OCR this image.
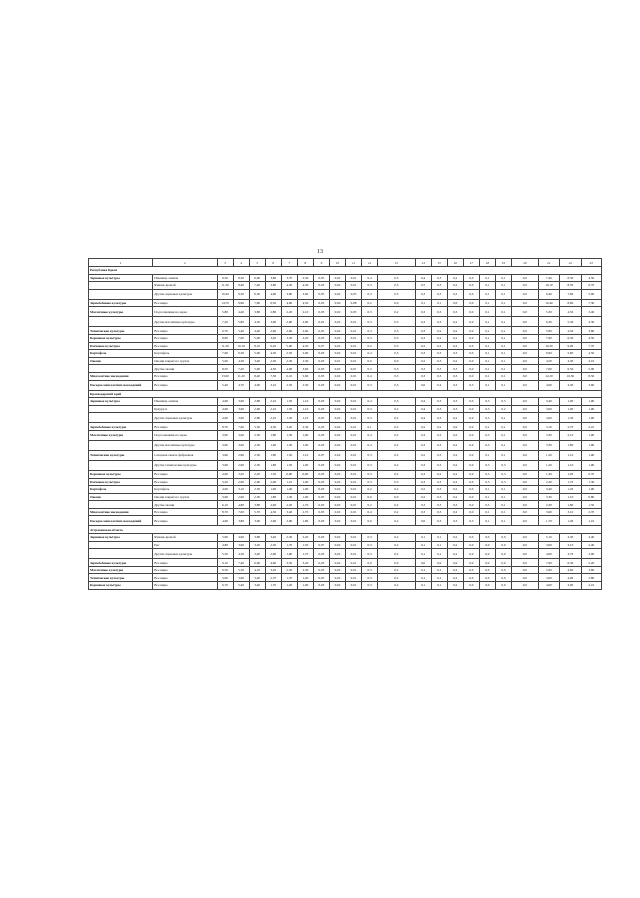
13
1	2	3	4	5	6	7	8	9	10	11	12	13	14	15	16	17	18	19	20	21	22	23
Республика Крым																						
Зерновые культуры	Пшеница озимая	9,30	8,30	6,00	3,80	3,70	2,30	0,05	0,02	0,01	0,4	0,3	0,4	0,3	0,2	0,0	0,1	0,1	0,0	7,40	8,30	4,50
	Ячмень яровой	11,30	8,40	7,40	3,80	4,30	4,30	0,03	0,02	0,01	0,3	0,3	0,5	0,3	0,2	0,0	0,1	0,1	0,0	10,10	8,50	6,70
	Другие зерновые культуры	10,40	9,30	6,30	4,90	3,80	3,60	0,05	0,02	0,03	0,3	0,3	0,3	0,3	0,2	0,0	0,1	0,1	0,0	9,40	7,80	5,90
Зернобобовые культуры	Все виды	14,70	9,90	7,90	6,50	4,90	4,50	0,03	0,00	0,08	0,2	0,0	0,1	0,1	0,0	0,0	0,1	0,1	0,0	10,40	8,90	7,30
Масличные культуры	Подсолнечник на зерно	5,80	4,40	3,80	2,80	2,20	2,10	0,03	0,02	0,03	0,3	0,2	0,3	0,3	0,3	0,0	0,1	0,1	0,0	5,30	4,50	3,40
	Другие масличные культуры	7,20	5,80	4,50	3,60	2,60	2,80	0,02	0,02	0,01	0,3	0,3	0,3	0,3	0,2	0,0	0,1	0,1	0,0	6,30	5,30	4,30
Технические культуры	Все виды	6,70	5,40	4,40	2,90	2,60	2,60	0,05	0,02	0,01	0,3	0,3	0,3	0,2	0,2	0,0	0,1	0,1	0,0	5,90	4,50	3,60
Кормовые культуры	Все виды	8,80	7,00	5,00	3,40	3,50	2,20	0,03	0,02	0,01	0,3	0,3	0,3	0,2	0,2	0,0	0,1	0,1	0,0	7,90	6,30	4,50
Бахчевые культуры	Все виды	11,30	10,10	8,10	6,20	5,00	4,50	0,07	0,02	0,01	0,2	0,3	0,2	0,2	0,2	0,0	0,1	0,1	0,0	10,30	9,00	7,70
Картофель	Картофель	7,60	6,30	5,00	4,30	2,50	2,90	0,03	0,02	0,01	0,4	0,3	0,3	0,3	0,3	0,0	0,1	0,1	0,0	6,90	5,60	4,50
Овощи	Овощи закрытого грунта	5,00	4,30	3,40	2,30	2,30	2,30	0,03	0,01	0,01	0,0	0,0	0,2	0,3	0,2	0,0	0,1	0,1	0,0	4,50	4,30	3,10
	Другие овощи	8,50	7,20	5,00	4,50	4,00	3,60	0,03	0,02	0,01	0,3	0,3	0,3	0,3	0,3	0,0	0,1	0,1	0,0	7,60	6,50	5,00
Многолетние насаждения	Все виды	13,90	11,20	8,40	7,30	6,10	5,60	0,03	0,02	0,01	0,4	0,3	0,3	0,3	0,3	0,0	0,1	0,1	0,0	12,20	10,30	8,50
Посадка многолетних насаждений	Все виды	5,40	4,70	4,00	3,10	2,50	2,30	0,03	0,02	0,01	0,3	0,3	0,0	0,4	0,3	0,3	0,1	0,1	0,0	4,90	4,30	3,60
Краснодарский край																						
Зерновые культуры	Пшеница озимая	4,60	3,60	2,80	2,10	1,50	1,10	0,03	0,02	0,01	0,4	0,3	0,4	0,3	0,3	0,0	0,3	0,3	0,0	3,40	1,00	1,00
	Кукуруза	4,60	3,60	2,60	2,10	1,50	1,10	0,03	0,02	0,01	0,3	0,2	0,4	0,3	0,3	0,0	0,3	0,2	0,0	3,60	1,00	1,00
	Другие зерновые культуры	4,60	3,60	2,80	2,10	1,50	1,10	0,05	0,02	0,01	0,3	0,2	0,4	0,3	0,2	0,0	0,3	0,1	0,0	3,60	1,30	1,00
Зернобобовые культуры	Все виды	8,70	7,60	5,50	4,30	3,20	2,30	0,03	0,02	0,01	0,1	0,2	0,2	0,2	0,0	0,0	0,1	0,1	0,0	3,10	2,70	2,10
Масличные культуры	Подсолнечник на зерно	3,90	3,00	2,30	1,80	1,30	1,00	0,03	0,02	0,01	0,4	0,2	0,3	0,3	0,2	0,0	0,3	0,1	0,0	3,30	2,10	1,00
	Другие масличные культуры	3,90	3,00	2,30	1,60	1,30	1,00	0,03	0,02	0,01	0,4	0,2	0,3	0,3	0,2	0,0	0,3	0,1	0,0	3,30	1,80	1,00
Технические культуры	Сахарная свекла фабричная	3,60	2,90	2,30	1,80	1,50	1,10	0,07	0,02	0,01	0,3	0,2	0,2	0,3	0,2	0,0	0,1	0,1	0,0	1,20	1,10	1,00
	Другие технические культуры	3,60	2,90	2,30	1,80	1,50	1,00	0,03	0,02	0,01	0,3	0,2	0,3	0,3	0,2	0,0	0,3	0,3	0,0	1,20	1,10	1,00
Кормовые культуры	Все виды	4,60	3,20	2,20	1,50	0,90	0,60	0,03	0,02	0,01	0,3	0,2	0,3	0,2	0,2	0,0	0,3	0,3	0,0	1,40	1,00	0,70
Бахчевые культуры	Все виды	3,20	2,90	2,60	2,00	1,10	1,00	0,03	0,02	0,01	0,3	0,3	0,3	0,3	0,2	0,0	0,3	0,3	0,0	2,30	1,70	1,30
Картофель	Картофель	4,00	3,10	2,50	1,90	1,40	1,00	0,03	0,02	0,01	0,2	0,2	0,2	0,3	0,2	0,0	0,1	0,1	0,0	3,40	1,20	1,00
Овощи	Овощи закрытого грунта	3,60	2,90	2,30	1,80	1,30	1,00	0,05	0,02	0,01	0,0	0,0	0,2	0,3	0,2	0,0	0,1	0,1	0,0	3,30	1,10	0,80
	Другие овощи	6,10	4,80	3,80	2,90	2,20	1,70	0,03	0,02	0,01	0,2	0,2	0,3	0,3	0,3	0,0	0,3	0,1	0,0	2,30	1,80	1,50
Многолетние насаждения	Все виды	8,70	7,00	5,70	4,50	3,40	2,70	0,05	0,02	0,01	0,4	0,2	0,3	0,3	0,2	0,0	0,1	0,1	0,0	3,90	3,10	2,70
Посадка многолетних насаждений	Все виды	4,60	3,80	3,00	2,60	2,00	1,80	0,03	0,02	0,01	0,0	0,2	0,0	0,3	0,3	0,3	0,1	0,1	0,0	1,70	1,40	1,10
Астраханская область																						
Зерновые культуры	Ячмень яровой	5,90	4,90	3,80	3,40	2,30	2,20	0,03	0,02	0,01	0,3	0,2	0,1	0,1	0,2	0,0	0,0	0,0	0,0	5,10	4,30	3,40
	Рис	4,80	3,90	3,20	2,30	1,70	1,50	0,07	0,02	0,01	0,3	0,2	0,1	0,1	0,2	0,0	0,0	0,0	0,0	3,60	3,10	2,40
	Другие зерновые культуры	5,30	4,30	3,40	2,60	1,90	1,70	0,03	0,02	0,01	0,3	0,2	0,1	0,1	0,2	0,0	0,0	0,0	0,0	4,60	3,70	3,00
Зернобобовые культуры	Все виды	9,10	7,40	6,00	4,60	3,50	3,20	0,03	0,02	0,01	0,0	0,0	0,0	0,0	0,0	0,0	0,0	0,0	0,0	7,90	6,30	5,20
Масличные культуры	Все виды	6,50	5,30	4,10	3,20	2,50	2,30	0,03	0,02	0,01	0,3	0,2	0,1	0,1	0,2	0,0	0,0	0,0	0,0	5,60	4,60	3,60
Технические культуры	Все виды	3,90	3,60	3,40	2,70	1,70	1,40	0,05	0,02	0,01	0,3	0,2	0,1	0,1	0,2	0,0	0,0	0,0	0,0	3,00	4,00	2,80
Кормовые культуры	Все виды	6,70	5,40	3,40	1,70	1,20	1,00	0,03	0,02	0,01	0,3	0,2	0,1	0,1	0,2	0,0	0,0	0,0	0,0	4,00	3,00	2,10
